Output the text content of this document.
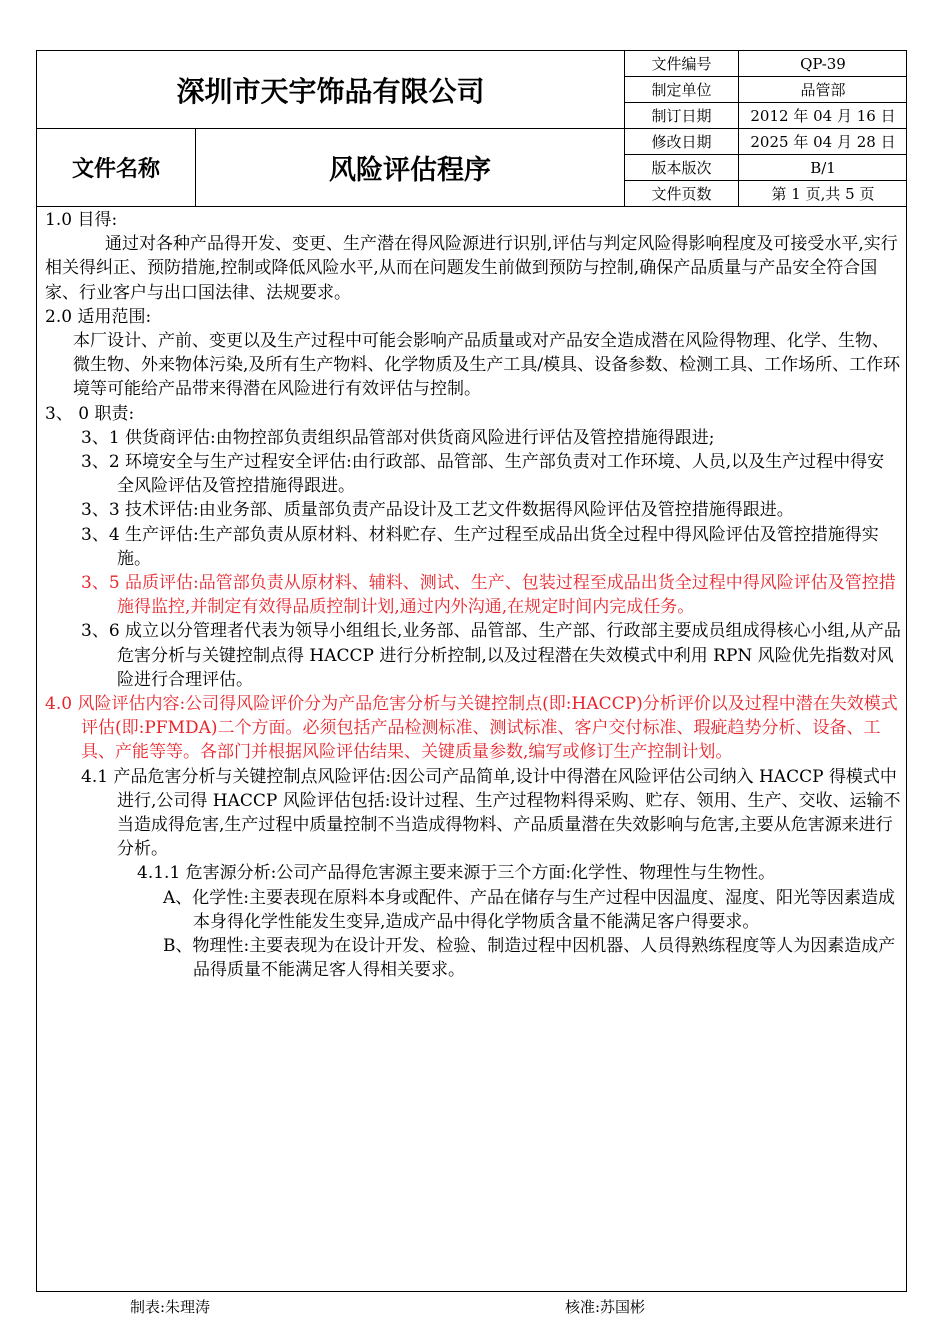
深圳市天宇饰品有限公司
文件名称	风险评估程序
文件编号	QP-39
制定单位	品管部
制订日期	2012 年 04 月 16 日
修改日期	2025 年 04 月 28 日
版本版次	B/1
文件页数	第 1 页,共 5 页

1.0 目得:

通过对各种产品得开发、变更、生产潜在得风险源进行识别,评估与判定风险得影响程度及可接受水平,实行相关得纠正、预防措施,控制或降低风险水平,从而在问题发生前做到预防与控制,确保产品质量与产品安全符合国家、行业客户与出口国法律、法规要求。

2.0 适用范围:

本厂设计、产前、变更以及生产过程中可能会影响产品质量或对产品安全造成潜在风险得物理、化学、生物、微生物、外来物体污染,及所有生产物料、化学物质及生产工具/模具、设备参数、检测工具、工作场所、工作环境等可能给产品带来得潜在风险进行有效评估与控制。

3、 0 职责:

3、1 供货商评估:由物控部负责组织品管部对供货商风险进行评估及管控措施得跟进;

3、2 环境安全与生产过程安全评估:由行政部、品管部、生产部负责对工作环境、人员,以及生产过程中得安全风险评估及管控措施得跟进。

3、3 技术评估:由业务部、质量部负责产品设计及工艺文件数据得风险评估及管控措施得跟进。

3、4 生产评估:生产部负责从原材料、材料贮存、生产过程至成品出货全过程中得风险评估及管控措施得实施。

3、5 品质评估:品管部负责从原材料、辅料、测试、生产、包装过程至成品出货全过程中得风险评估及管控措施得监控,并制定有效得品质控制计划,通过内外沟通,在规定时间内完成任务。

3、6 成立以分管理者代表为领导小组组长,业务部、品管部、生产部、行政部主要成员组成得核心小组,从产品危害分析与关键控制点得 HACCP 进行分析控制,以及过程潜在失效模式中利用 RPN 风险优先指数对风险进行合理评估。

4.0 风险评估内容:公司得风险评价分为产品危害分析与关键控制点(即:HACCP)分析评价以及过程中潜在失效模式评估(即:PFMDA)二个方面。必须包括产品检测标准、测试标准、客户交付标准、瑕疵趋势分析、设备、工具、产能等等。各部门并根据风险评估结果、关键质量参数,编写或修订生产控制计划。

4.1 产品危害分析与关键控制点风险评估:因公司产品简单,设计中得潜在风险评估公司纳入 HACCP 得模式中进行,公司得 HACCP 风险评估包括:设计过程、生产过程物料得采购、贮存、领用、生产、交收、运输不当造成得危害,生产过程中质量控制不当造成得物料、产品质量潜在失效影响与危害,主要从危害源来进行分析。

4.1.1 危害源分析:公司产品得危害源主要来源于三个方面:化学性、物理性与生物性。

A、化学性:主要表现在原料本身或配件、产品在储存与生产过程中因温度、湿度、阳光等因素造成本身得化学性能发生变异,造成产品中得化学物质含量不能满足客户得要求。

B、物理性:主要表现为在设计开发、检验、制造过程中因机器、人员得熟练程度等人为因素造成产品得质量不能满足客人得相关要求。

制表:朱理涛	核准:苏国彬
